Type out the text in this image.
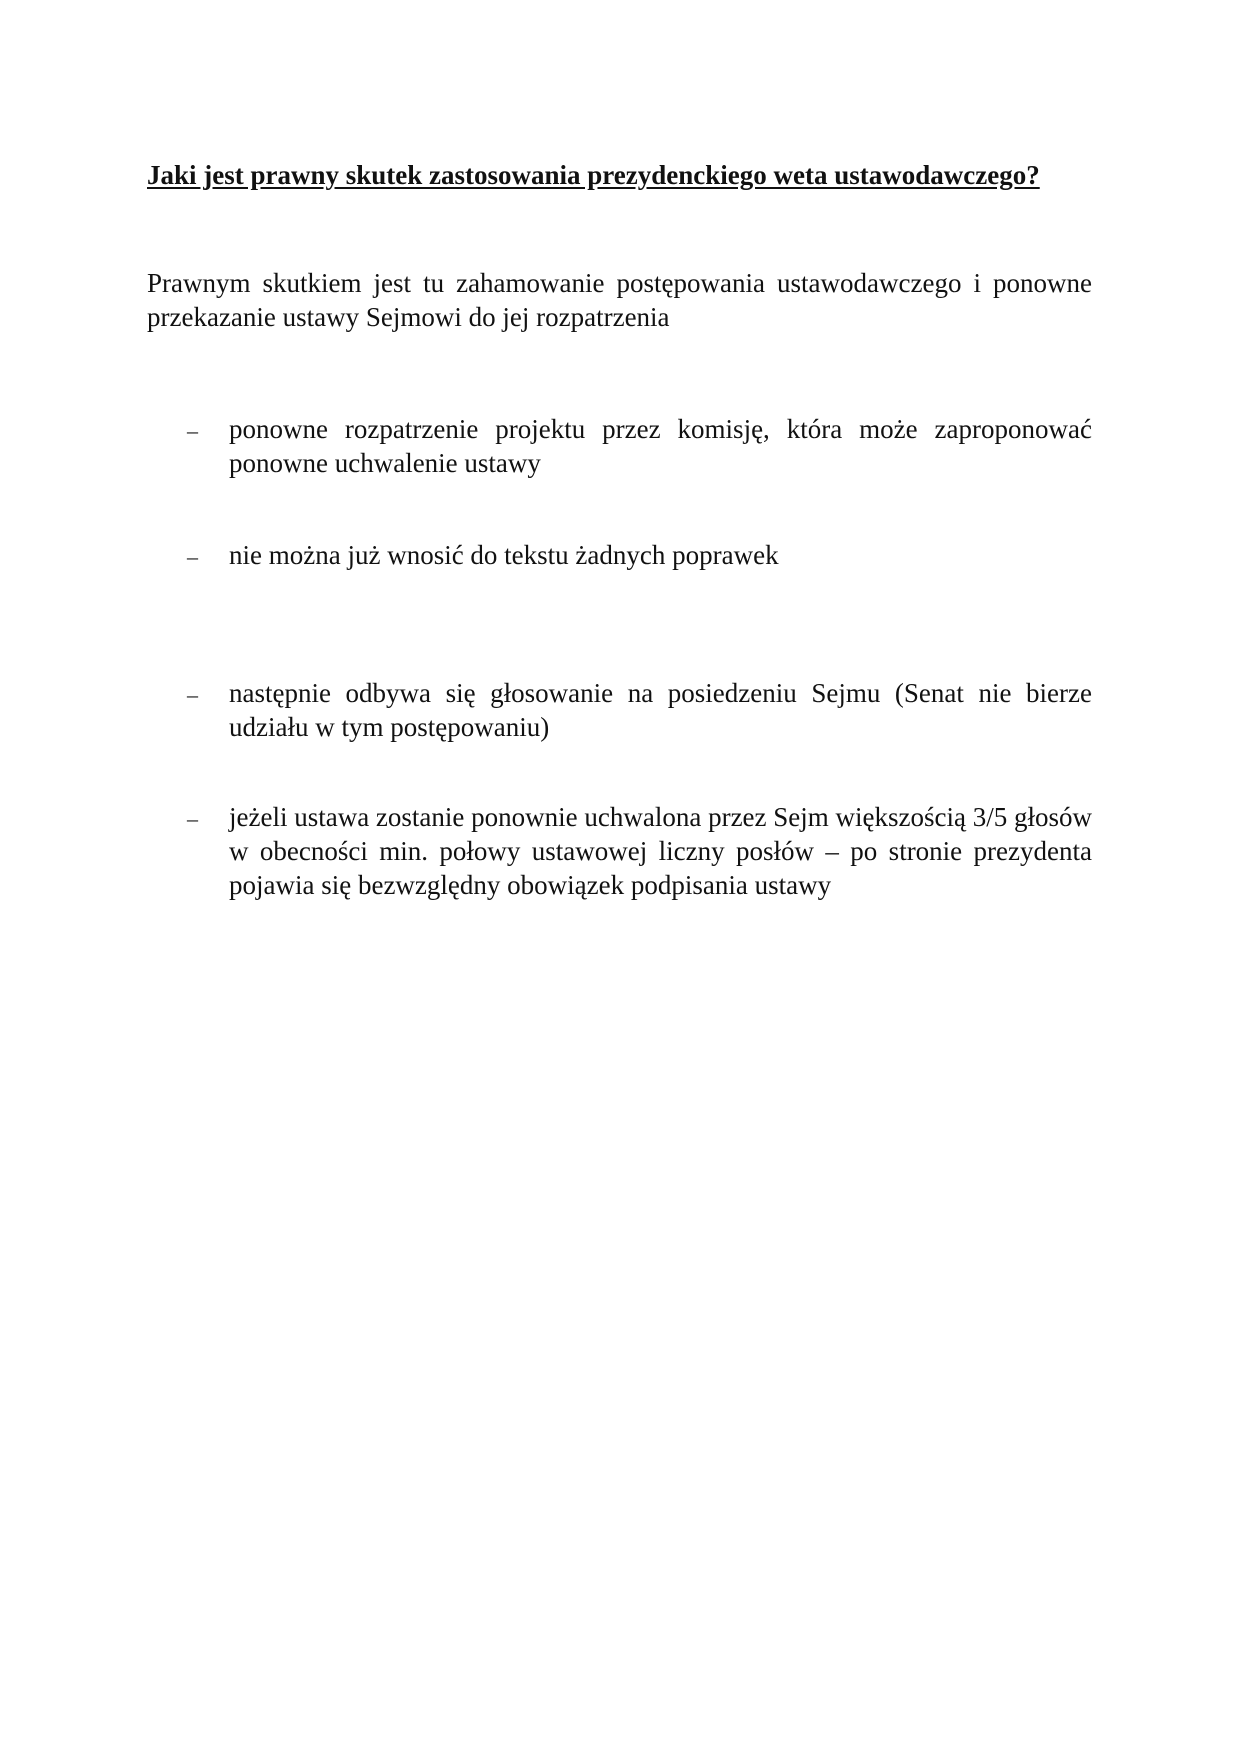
Jaki jest prawny skutek zastosowania prezydenckiego weta ustawodawczego?

Prawnym skutkiem jest tu zahamowanie postępowania ustawodawczego i ponowne przekazanie ustawy Sejmowi do jej rozpatrzenia

– ponowne rozpatrzenie projektu przez komisję, która może zaproponować ponowne uchwalenie ustawy
– nie można już wnosić do tekstu żadnych poprawek
– następnie odbywa się głosowanie na posiedzeniu Sejmu (Senat nie bierze udziału w tym postępowaniu)
– jeżeli ustawa zostanie ponownie uchwalona przez Sejm większością 3/5 głosów w obecności min. połowy ustawowej liczny posłów – po stronie prezydenta pojawia się bezwzględny obowiązek podpisania ustawy
